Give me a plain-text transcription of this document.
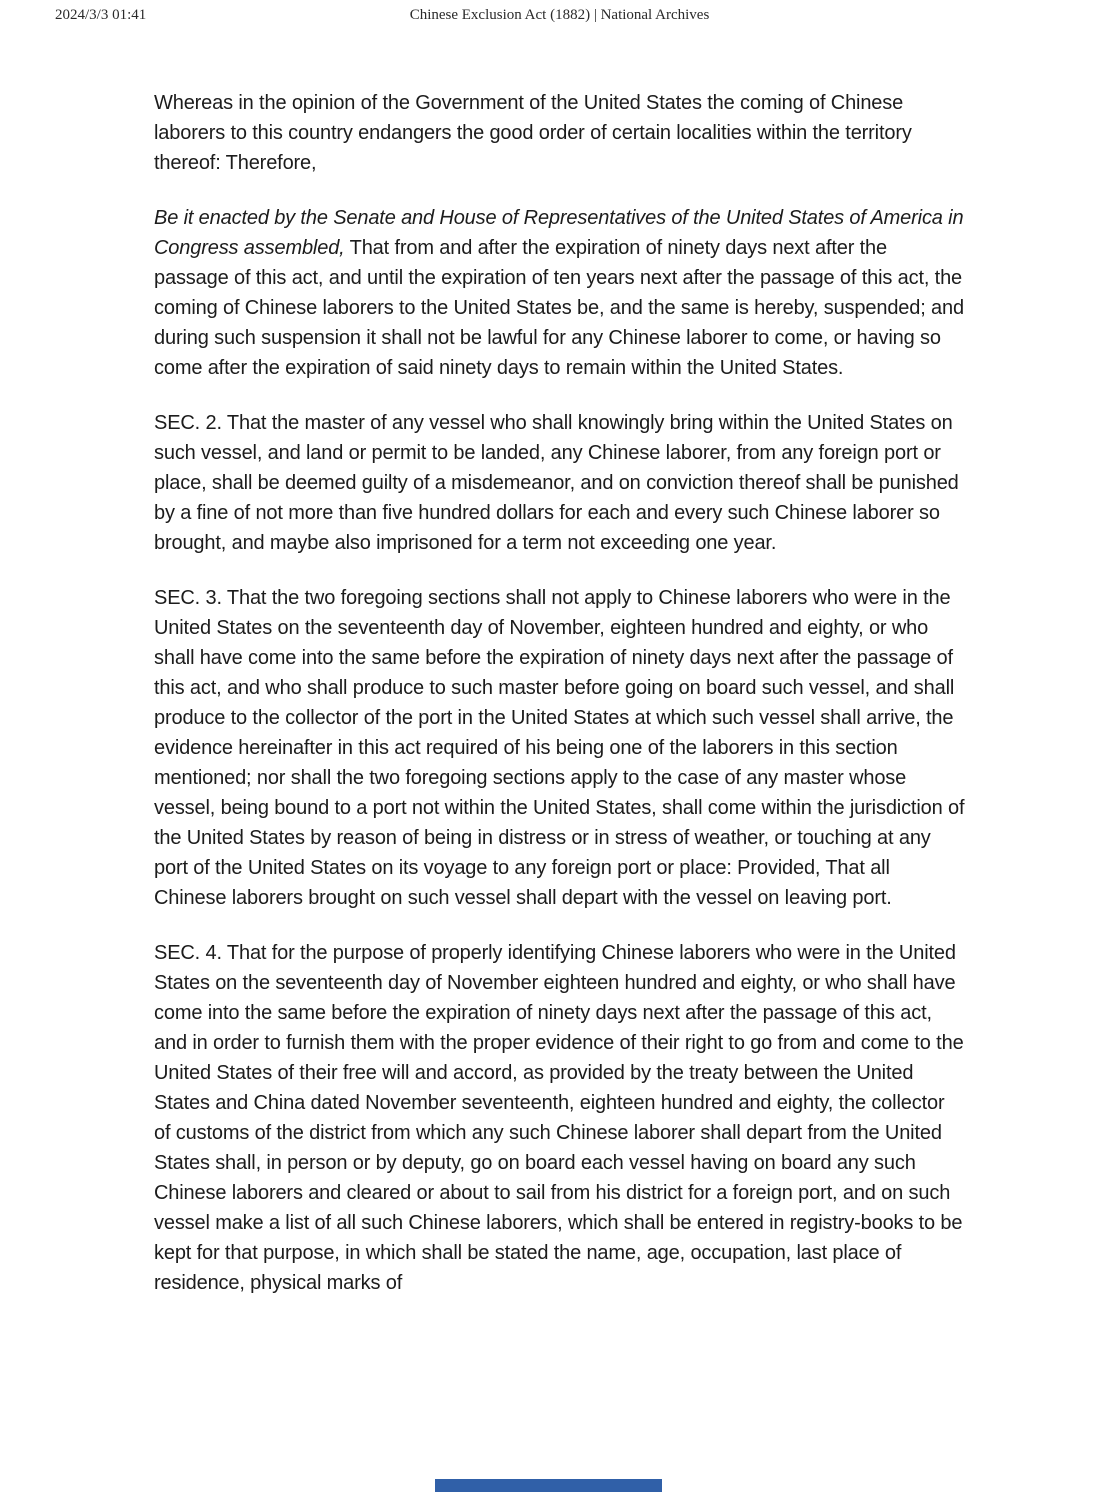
2024/3/3 01:41	Chinese Exclusion Act (1882) | National Archives

Whereas in the opinion of the Government of the United States the coming of Chinese laborers to this country endangers the good order of certain localities within the territory thereof: Therefore,

Be it enacted by the Senate and House of Representatives of the United States of America in Congress assembled, That from and after the expiration of ninety days next after the passage of this act, and until the expiration of ten years next after the passage of this act, the coming of Chinese laborers to the United States be, and the same is hereby, suspended; and during such suspension it shall not be lawful for any Chinese laborer to come, or having so come after the expiration of said ninety days to remain within the United States.

SEC. 2. That the master of any vessel who shall knowingly bring within the United States on such vessel, and land or permit to be landed, any Chinese laborer, from any foreign port or place, shall be deemed guilty of a misdemeanor, and on conviction thereof shall be punished by a fine of not more than five hundred dollars for each and every such Chinese laborer so brought, and maybe also imprisoned for a term not exceeding one year.

SEC. 3. That the two foregoing sections shall not apply to Chinese laborers who were in the United States on the seventeenth day of November, eighteen hundred and eighty, or who shall have come into the same before the expiration of ninety days next after the passage of this act, and who shall produce to such master before going on board such vessel, and shall produce to the collector of the port in the United States at which such vessel shall arrive, the evidence hereinafter in this act required of his being one of the laborers in this section mentioned; nor shall the two foregoing sections apply to the case of any master whose vessel, being bound to a port not within the United States, shall come within the jurisdiction of the United States by reason of being in distress or in stress of weather, or touching at any port of the United States on its voyage to any foreign port or place: Provided, That all Chinese laborers brought on such vessel shall depart with the vessel on leaving port.

SEC. 4. That for the purpose of properly identifying Chinese laborers who were in the United States on the seventeenth day of November eighteen hundred and eighty, or who shall have come into the same before the expiration of ninety days next after the passage of this act, and in order to furnish them with the proper evidence of their right to go from and come to the United States of their free will and accord, as provided by the treaty between the United States and China dated November seventeenth, eighteen hundred and eighty, the collector of customs of the district from which any such Chinese laborer shall depart from the United States shall, in person or by deputy, go on board each vessel having on board any such Chinese laborers and cleared or about to sail from his district for a foreign port, and on such vessel make a list of all such Chinese laborers, which shall be entered in registry-books to be kept for that purpose, in which shall be stated the name, age, occupation, last place of residence, physical marks of
